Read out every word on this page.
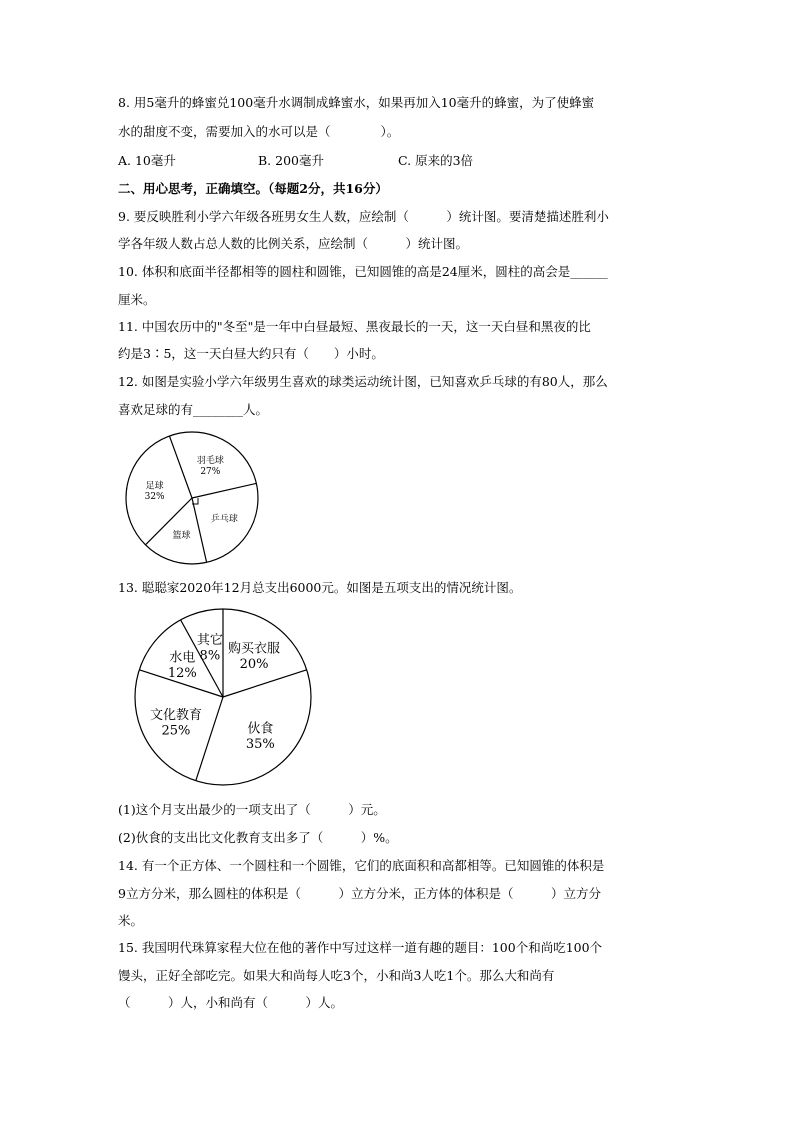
8. 用5毫升的蜂蜜兑100毫升水调制成蜂蜜水，如果再加入10毫升的蜂蜜，为了使蜂蜜
水的甜度不变，需要加入的水可以是（　　　　）。
A. 10毫升	B. 200毫升	C. 原来的3倍
二、用心思考，正确填空。（每题2分，共16分）
9. 要反映胜利小学六年级各班男女生人数，应绘制（　　　）统计图。要清楚描述胜利小
学各年级人数占总人数的比例关系，应绘制（　　　）统计图。
10. 体积和底面半径都相等的圆柱和圆锥，已知圆锥的高是24厘米，圆柱的高会是______
厘米。
11. 中国农历中的"冬至"是一年中白昼最短、黑夜最长的一天，这一天白昼和黑夜的比
约是3∶5，这一天白昼大约只有（　　）小时。
12. 如图是实验小学六年级男生喜欢的球类运动统计图，已知喜欢乒乓球的有80人，那么
喜欢足球的有________人。
羽毛球
27%
乒乓球
篮球
足球
32%
13. 聪聪家2020年12月总支出6000元。如图是五项支出的情况统计图。
购买衣服
20%
伙食
35%
文化教育
25%
水电
12%
其它
8%
(1)这个月支出最少的一项支出了（　　　）元。
(2)伙食的支出比文化教育支出多了（　　　）%。
14. 有一个正方体、一个圆柱和一个圆锥，它们的底面积和高都相等。已知圆锥的体积是
9立方分米，那么圆柱的体积是（　　　）立方分米，正方体的体积是（　　　）立方分
米。
15. 我国明代珠算家程大位在他的著作中写过这样一道有趣的题目：100个和尚吃100个
馒头，正好全部吃完。如果大和尚每人吃3个，小和尚3人吃1个。那么大和尚有
（　　　）人，小和尚有（　　　）人。
